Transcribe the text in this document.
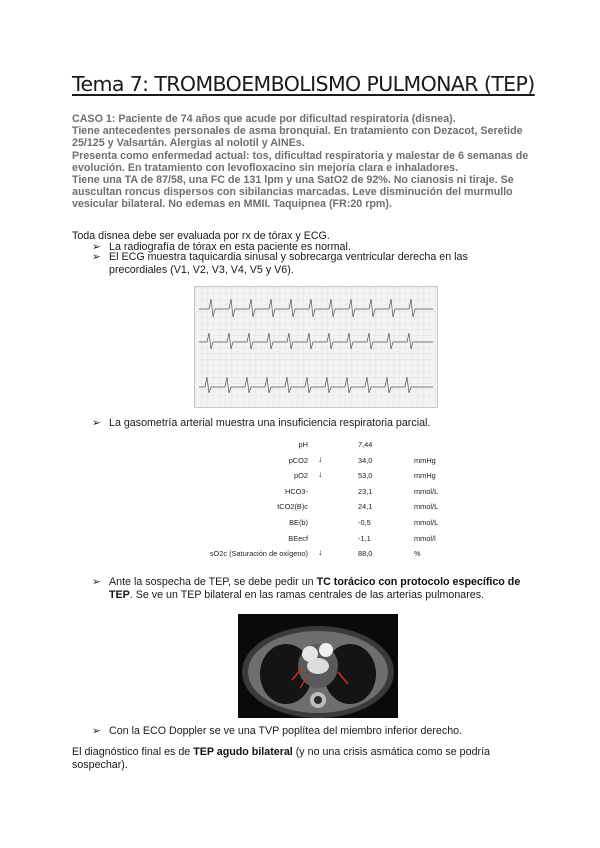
Tema 7: TROMBOEMBOLISMO PULMONAR (TEP)

CASO 1: Paciente de 74 años que acude por dificultad respiratoria (disnea).

Tiene antecedentes personales de asma bronquial. En tratamiento con Dezacot, Seretide 25/125 y Valsartán. Alergias al nolotil y AINEs.

Presenta como enfermedad actual: tos, dificultad respiratoria y malestar de 6 semanas de evolución. En tratamiento con levofloxacino sin mejoría clara e inhaladores.

Tiene una TA de 87/58, una FC de 131 lpm y una SatO2 de 92%. No cianosis ni tiraje. Se auscultan roncus dispersos con sibilancias marcadas. Leve disminución del murmullo vesicular bilateral. No edemas en MMII. Taquipnea (FR:20 rpm).

Toda disnea debe ser evaluada por rx de tórax y ECG.
➢ La radiografía de tórax en esta paciente es normal.
➢ El ECG muestra taquicardia sinusal y sobrecarga ventricular derecha en las precordiales (V1, V2, V3, V4, V5 y V6).
➢ La gasometría arterial muestra una insuficiencia respiratoria parcial.
pH	7,44
pCO2 ↓	34,0	mmHg
pO2 ↓	53,0	mmHg
HCO3-	23,1	mmol/L
tCO2(B)c	24,1	mmol/L
BE(b)	-0,5	mmol/L
BEecf	-1,1	mmol/l
sO2c (Saturación de oxígeno) ↓	88,0	%
➢ Ante la sospecha de TEP, se debe pedir un TC torácico con protocolo específico de TEP. Se ve un TEP bilateral en las ramas centrales de las arterias pulmonares.
➢ Con la ECO Doppler se ve una TVP poplítea del miembro inferior derecho.
El diagnóstico final es de TEP agudo bilateral (y no una crisis asmática como se podría sospechar).
